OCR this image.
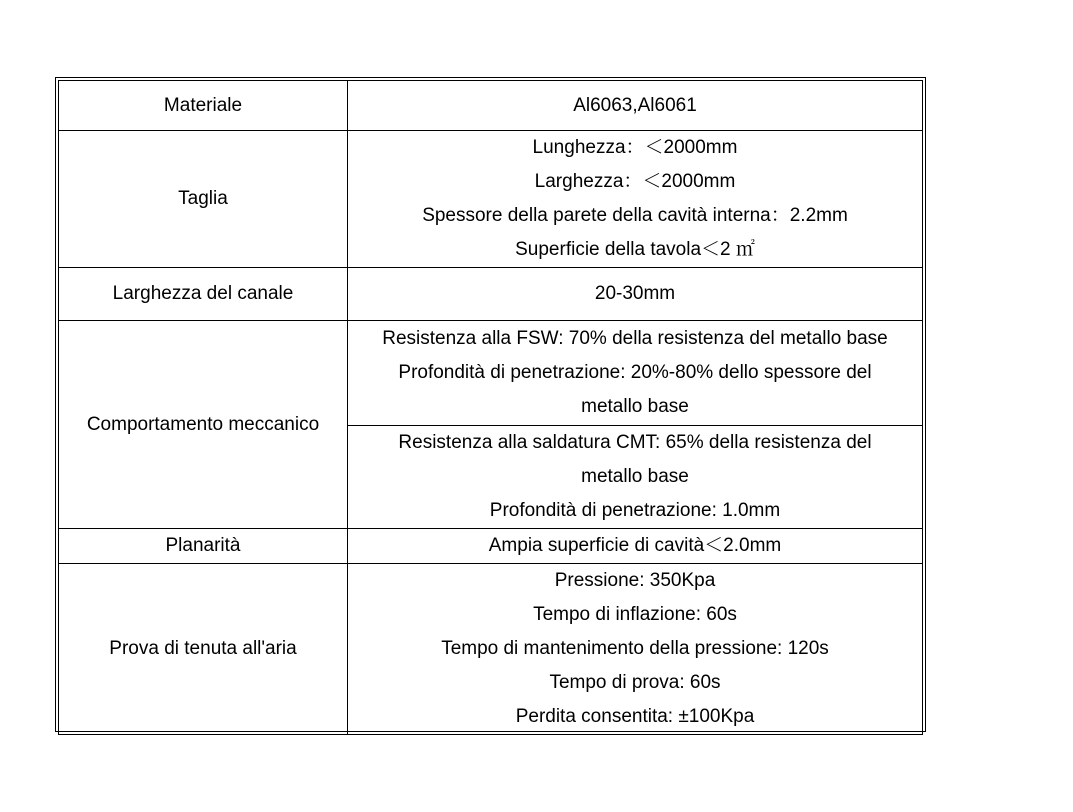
Materiale	Al6063,Al6061

Taglia	Lunghezza：＜2000mm
Larghezza：＜2000mm
Spessore della parete della cavità interna：2.2mm
Superficie della tavola＜2 ㎡

Larghezza del canale	20-30mm

Comportamento meccanico	Resistenza alla FSW: 70% della resistenza del metallo base
Profondità di penetrazione: 20%-80% dello spessore del
metallo base

	Resistenza alla saldatura CMT: 65% della resistenza del
metallo base
Profondità di penetrazione: 1.0mm

Planarità	Ampia superficie di cavità＜2.0mm

Prova di tenuta all'aria	Pressione: 350Kpa
Tempo di inflazione: 60s
Tempo di mantenimento della pressione: 120s
Tempo di prova: 60s
Perdita consentita: ±100Kpa
